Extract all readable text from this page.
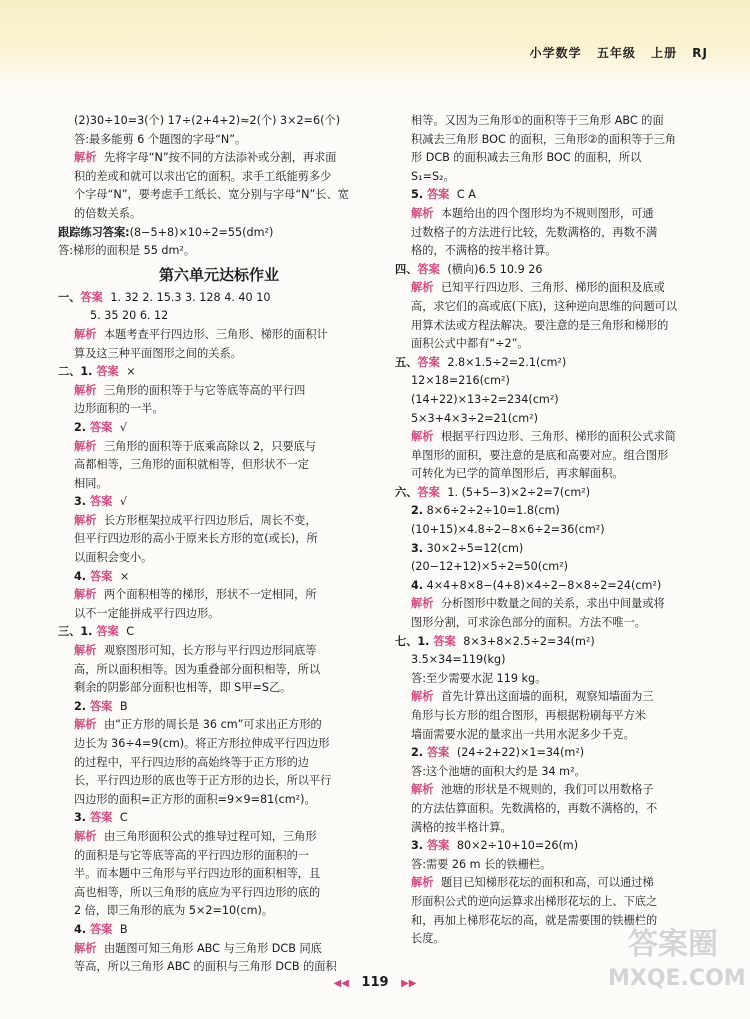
小学数学 五年级 上册 RJ
(2)30÷10=3(个) 17÷(2+4+2)≈2(个) 3×2=6(个)
答:最多能剪 6 个题图的字母“N”。
解析 先将字母“N”按不同的方法添补或分割，再求面
积的差或和就可以求出它的面积。求手工纸能剪多少
个字母“N”，要考虑手工纸长、宽分别与字母“N”长、宽
的倍数关系。
跟踪练习答案:(8−5+8)×10÷2=55(dm²)
答:梯形的面积是 55 dm²。
第六单元达标作业
一、答案 1. 32 2. 15.3 3. 128 4. 40 10
5. 35 20 6. 12
解析 本题考查平行四边形、三角形、梯形的面积计
算及这三种平面图形之间的关系。
二、1. 答案 ×
解析 三角形的面积等于与它等底等高的平行四
边形面积的一半。
2. 答案 √
解析 三角形的面积等于底乘高除以 2，只要底与
高都相等，三角形的面积就相等，但形状不一定
相同。
3. 答案 √
解析 长方形框架拉成平行四边形后，周长不变，
但平行四边形的高小于原来长方形的宽(或长)，所
以面积会变小。
4. 答案 ×
解析 两个面积相等的梯形，形状不一定相同，所
以不一定能拼成平行四边形。
三、1. 答案 C
解析 观察图形可知，长方形与平行四边形同底等
高，所以面积相等。因为重叠部分面积相等，所以
剩余的阴影部分面积也相等，即 S甲=S乙。
2. 答案 B
解析 由“正方形的周长是 36 cm”可求出正方形的
边长为 36÷4=9(cm)。将正方形拉伸成平行四边形
的过程中，平行四边形的高始终等于正方形的边
长，平行四边形的底也等于正方形的边长，所以平行
四边形的面积=正方形的面积=9×9=81(cm²)。
3. 答案 C
解析 由三角形面积公式的推导过程可知，三角形
的面积是与它等底等高的平行四边形的面积的一
半。而本题中三角形与平行四边形的面积相等，且
高也相等，所以三角形的底应为平行四边形的底的
2 倍，即三角形的底为 5×2=10(cm)。
4. 答案 B
解析 由题图可知三角形 ABC 与三角形 DCB 同底
等高，所以三角形 ABC 的面积与三角形 DCB 的面积
相等。又因为三角形①的面积等于三角形 ABC 的面
积减去三角形 BOC 的面积，三角形②的面积等于三角
形 DCB 的面积减去三角形 BOC 的面积，所以
S₁=S₂。
5. 答案 C A
解析 本题给出的四个图形均为不规则图形，可通
过数格子的方法进行比较，先数满格的，再数不满
格的，不满格的按半格计算。
四、答案 (横向)6.5 10.9 26
解析 已知平行四边形、三角形、梯形的面积及底或
高，求它们的高或底(下底)，这种逆向思维的问题可以
用算术法或方程法解决。要注意的是三角形和梯形的
面积公式中都有“÷2”。
五、答案 2.8×1.5÷2=2.1(cm²)
12×18=216(cm²)
(14+22)×13÷2=234(cm²)
5×3+4×3÷2=21(cm²)
解析 根据平行四边形、三角形、梯形的面积公式求简
单图形的面积，要注意的是底和高要对应。组合图形
可转化为已学的简单图形后，再求解面积。
六、答案 1. (5+5−3)×2÷2=7(cm²)
2. 8×6÷2÷2÷10=1.8(cm)
(10+15)×4.8÷2−8×6÷2=36(cm²)
3. 30×2÷5=12(cm)
(20−12+12)×5÷2=50(cm²)
4. 4×4+8×8−(4+8)×4÷2−8×8÷2=24(cm²)
解析 分析图形中数量之间的关系，求出中间量或将
图形分割，可求涂色部分的面积。方法不唯一。
七、1. 答案 8×3+8×2.5÷2=34(m²)
3.5×34=119(kg)
答:至少需要水泥 119 kg。
解析 首先计算出这面墙的面积，观察知墙面为三
角形与长方形的组合图形，再根据粉刷每平方米
墙面需要水泥的量求出一共用水泥多少千克。
2. 答案 (24÷2+22)×1=34(m²)
答:这个池塘的面积大约是 34 m²。
解析 池塘的形状是不规则的，我们可以用数格子
的方法估算面积。先数满格的，再数不满格的，不
满格的按半格计算。
3. 答案 80×2÷10+10=26(m)
答:需要 26 m 长的铁栅栏。
解析 题目已知梯形花坛的面积和高，可以通过梯
形面积公式的逆向运算求出梯形花坛的上、下底之
和，再加上梯形花坛的高，就是需要围的铁栅栏的
长度。
◀◀ 119 ▶▶
答案圈
MXQE.COM
